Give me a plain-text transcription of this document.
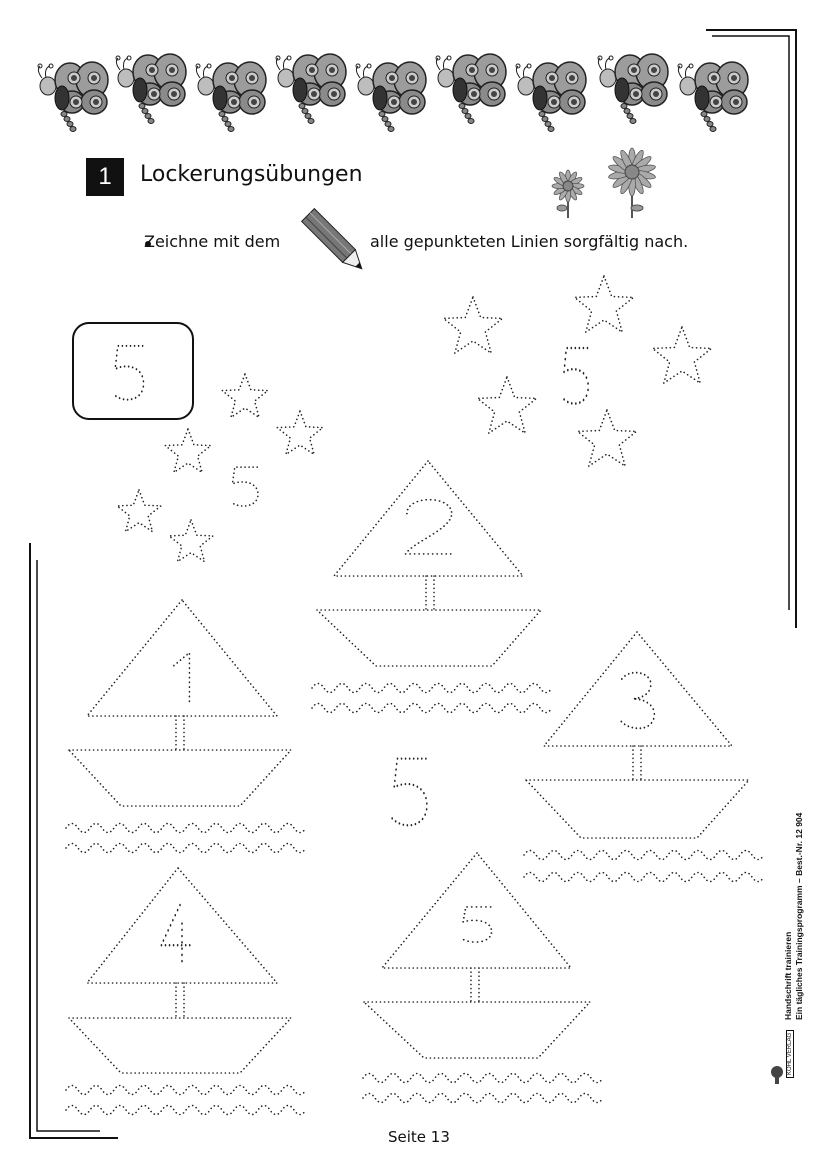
1	Lockerungsübungen
Zeichne mit dem	alle gepunkteten Linien sorgfältig nach.
Seite 13
Handschrift trainieren Ein tägliches Trainingsprogramm – Best.-Nr. 12 904
KOHL VERLAG
